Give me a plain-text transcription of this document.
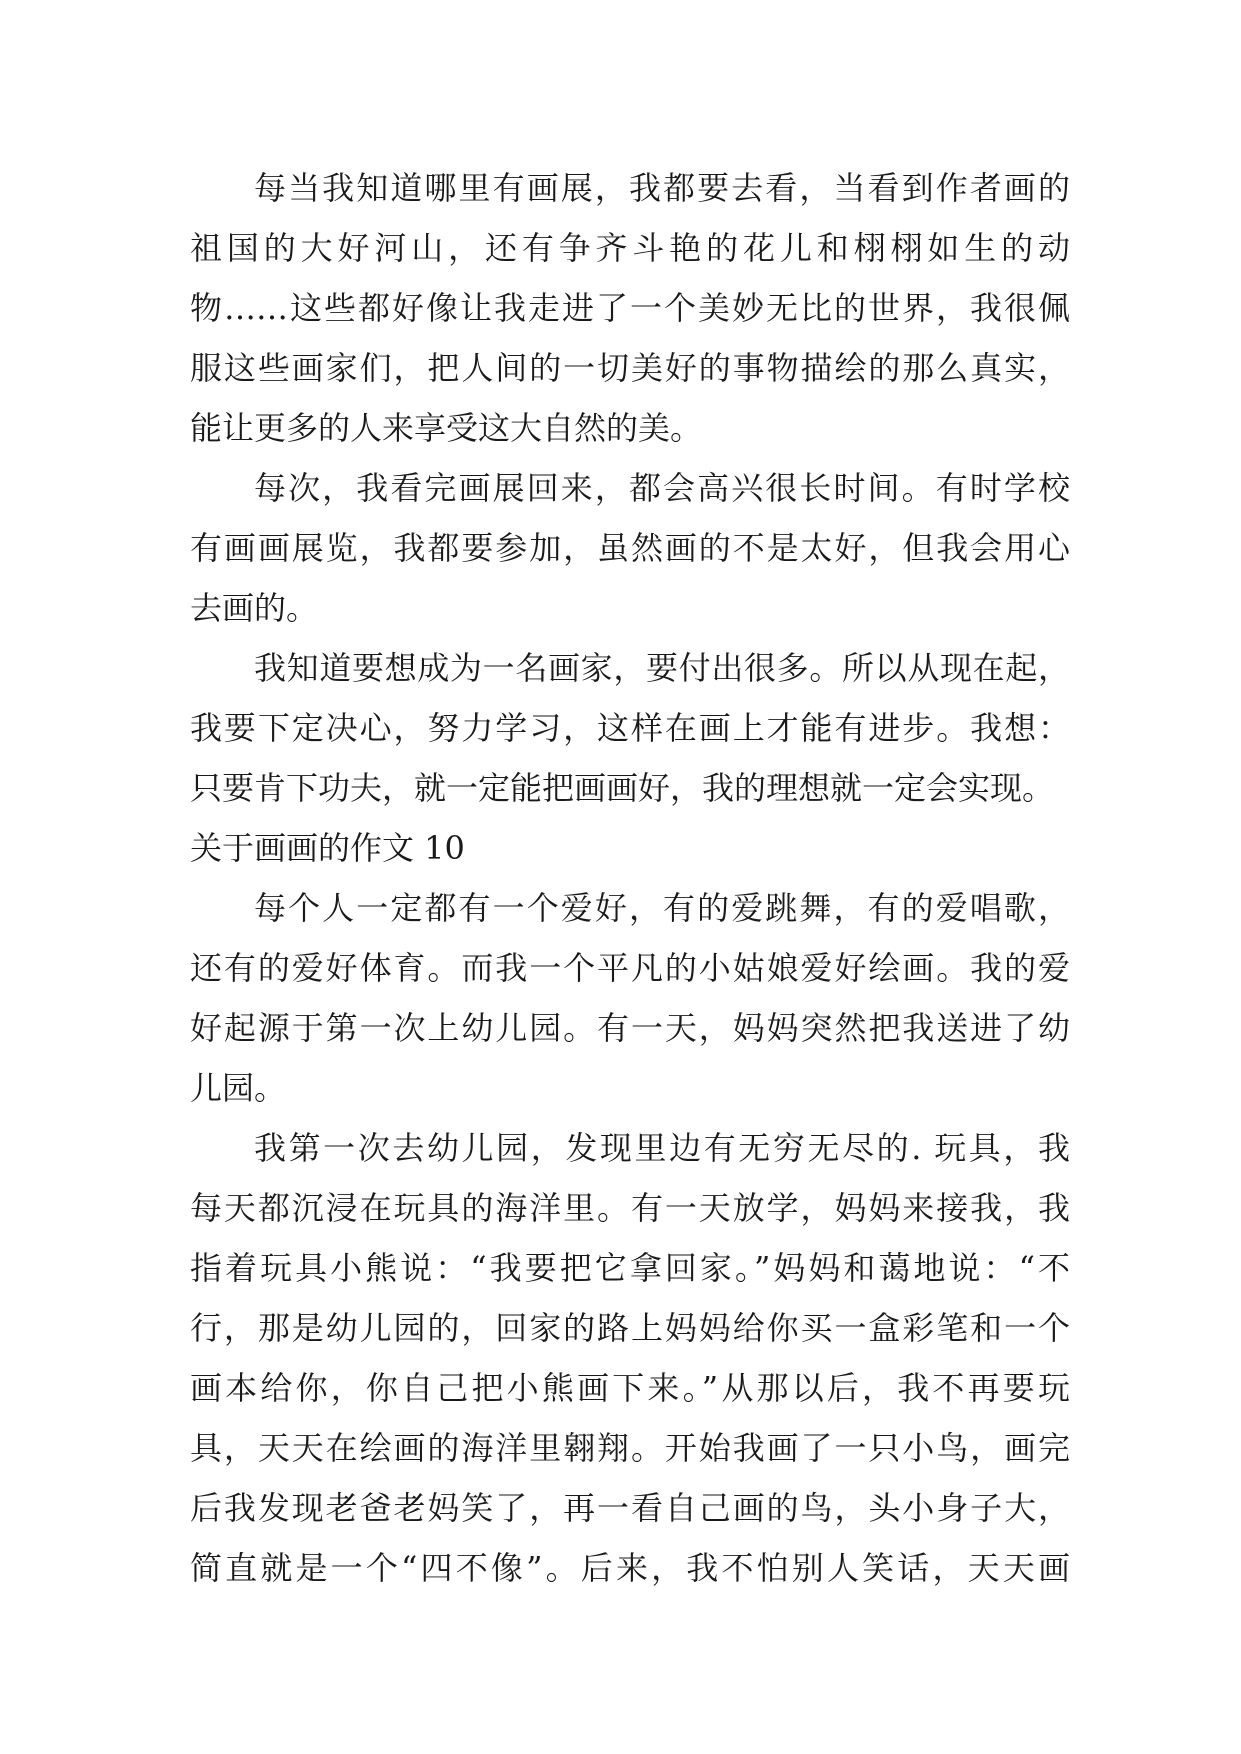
每当我知道哪里有画展，我都要去看，当看到作者画的
祖国的大好河山，还有争齐斗艳的花儿和栩栩如生的动
物……这些都好像让我走进了一个美妙无比的世界，我很佩
服这些画家们，把人间的一切美好的事物描绘的那么真实，
能让更多的人来享受这大自然的美。
每次，我看完画展回来，都会高兴很长时间。有时学校
有画画展览，我都要参加，虽然画的不是太好，但我会用心
去画的。
我知道要想成为一名画家，要付出很多。所以从现在起，
我要下定决心，努力学习，这样在画上才能有进步。我想：
只要肯下功夫，就一定能把画画好，我的理想就一定会实现。
关于画画的作文 10
每个人一定都有一个爱好，有的爱跳舞，有的爱唱歌，
还有的爱好体育。而我一个平凡的小姑娘爱好绘画。我的爱
好起源于第一次上幼儿园。有一天，妈妈突然把我送进了幼
儿园。
我第一次去幼儿园，发现里边有无穷无尽的. 玩具，我
每天都沉浸在玩具的海洋里。有一天放学，妈妈来接我，我
指着玩具小熊说：“我要把它拿回家。”妈妈和蔼地说：“不
行，那是幼儿园的，回家的路上妈妈给你买一盒彩笔和一个
画本给你，你自己把小熊画下来。”从那以后，我不再要玩
具，天天在绘画的海洋里翱翔。开始我画了一只小鸟，画完
后我发现老爸老妈笑了，再一看自己画的鸟，头小身子大，
简直就是一个“四不像”。后来，我不怕别人笑话，天天画
